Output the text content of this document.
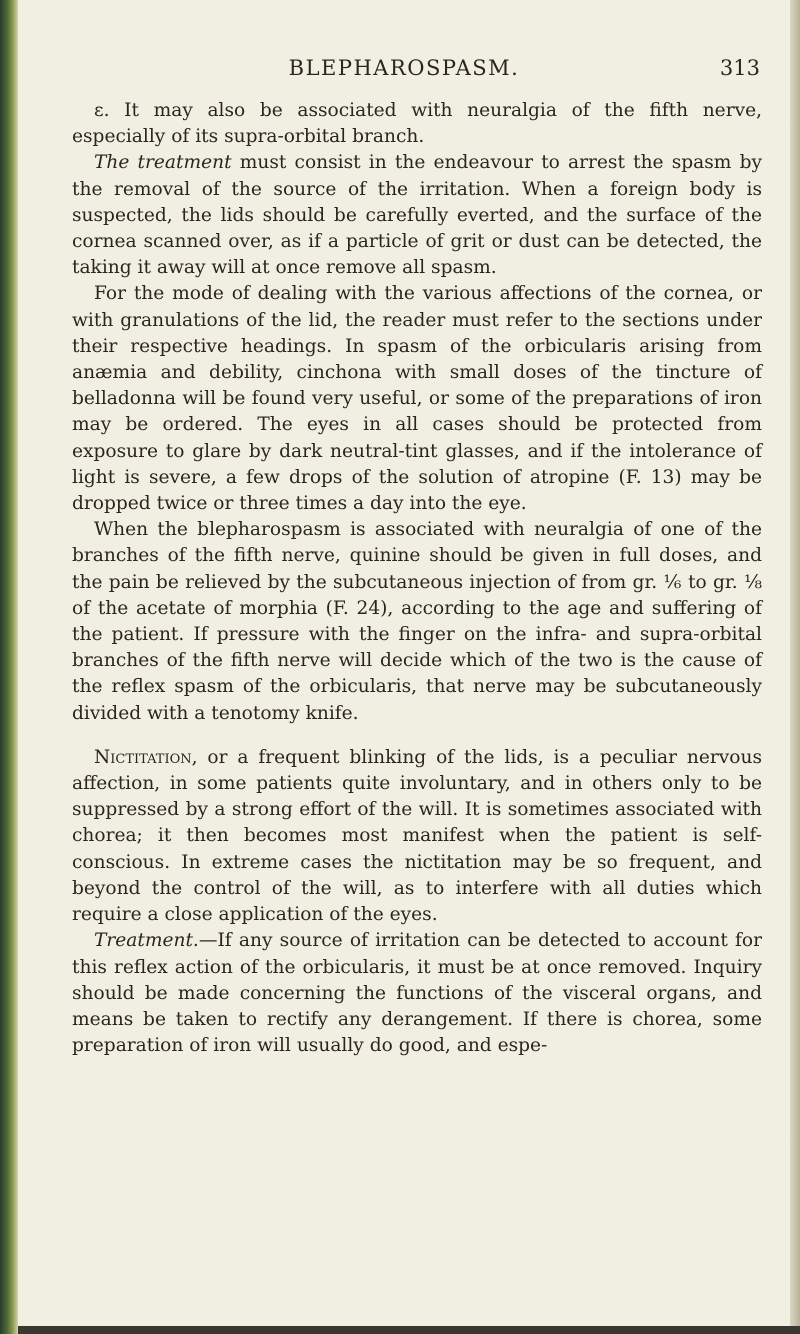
BLEPHAROSPASM.	313

ε. It may also be associated with neuralgia of the fifth nerve, especially of its supra-orbital branch.

The treatment must consist in the endeavour to arrest the spasm by the removal of the source of the irritation. When a foreign body is suspected, the lids should be carefully everted, and the surface of the cornea scanned over, as if a particle of grit or dust can be detected, the taking it away will at once remove all spasm.

For the mode of dealing with the various affections of the cornea, or with granulations of the lid, the reader must refer to the sections under their respective headings. In spasm of the orbicularis arising from anæmia and debility, cinchona with small doses of the tincture of belladonna will be found very useful, or some of the preparations of iron may be ordered. The eyes in all cases should be protected from exposure to glare by dark neutral-tint glasses, and if the intolerance of light is severe, a few drops of the solution of atropine (F. 13) may be dropped twice or three times a day into the eye.

When the blepharospasm is associated with neuralgia of one of the branches of the fifth nerve, quinine should be given in full doses, and the pain be relieved by the subcutaneous injection of from gr. ⅙ to gr. ⅛ of the acetate of morphia (F. 24), according to the age and suffering of the patient. If pressure with the finger on the infra- and supra-orbital branches of the fifth nerve will decide which of the two is the cause of the reflex spasm of the orbicularis, that nerve may be subcutaneously divided with a tenotomy knife.

Nictitation, or a frequent blinking of the lids, is a peculiar nervous affection, in some patients quite involuntary, and in others only to be suppressed by a strong effort of the will. It is sometimes associated with chorea; it then becomes most manifest when the patient is self-conscious. In extreme cases the nictitation may be so frequent, and beyond the control of the will, as to interfere with all duties which require a close application of the eyes.

Treatment.—If any source of irritation can be detected to account for this reflex action of the orbicularis, it must be at once removed. Inquiry should be made concerning the functions of the visceral organs, and means be taken to rectify any derangement. If there is chorea, some preparation of iron will usually do good, and espe-
